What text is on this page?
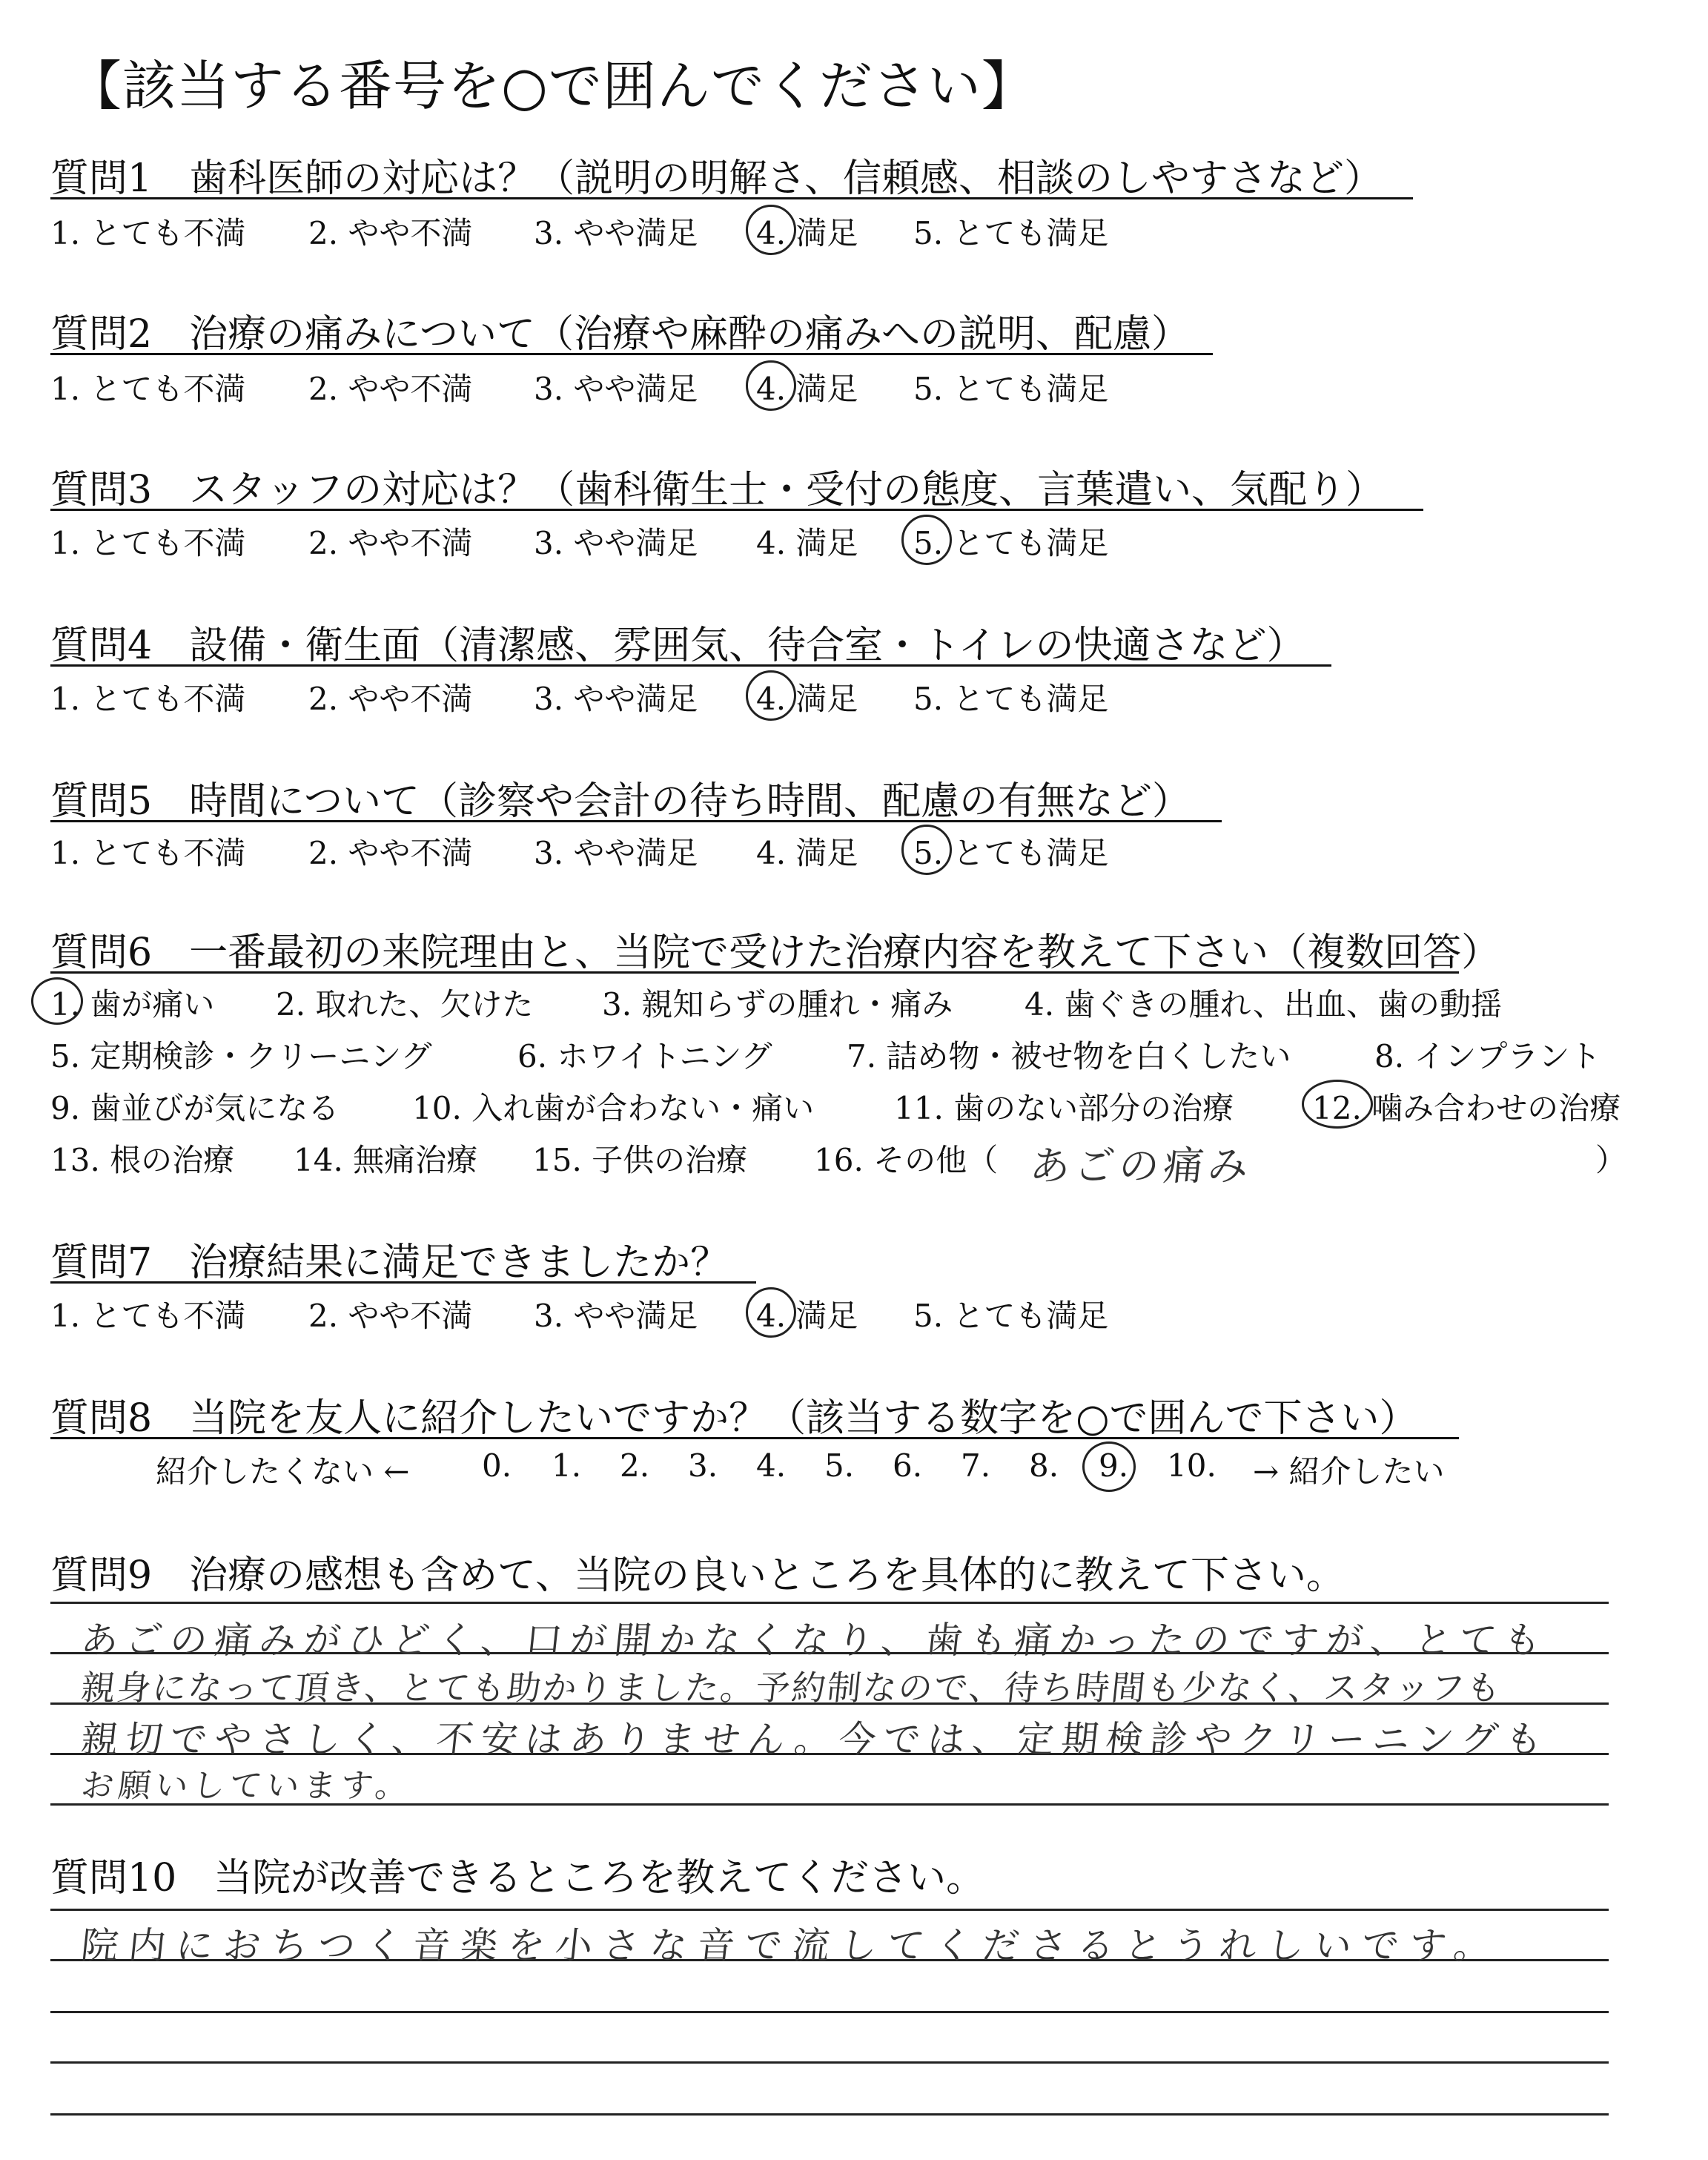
【該当する番号を○で囲んでください】
質問1 歯科医師の対応は？（説明の明解さ、信頼感、相談のしやすさなど）
1. とても不満 2. やや不満 3. やや満足 4. 満足 5. とても満足
質問2 治療の痛みについて（治療や麻酔の痛みへの説明、配慮）
1. とても不満 2. やや不満 3. やや満足 4. 満足 5. とても満足
質問3 スタッフの対応は？（歯科衛生士・受付の態度、言葉遣い、気配り）
1. とても不満 2. やや不満 3. やや満足 4. 満足 5. とても満足
質問4 設備・衛生面（清潔感、雰囲気、待合室・トイレの快適さなど）
1. とても不満 2. やや不満 3. やや満足 4. 満足 5. とても満足
質問5 時間について（診察や会計の待ち時間、配慮の有無など）
1. とても不満 2. やや不満 3. やや満足 4. 満足 5. とても満足
質問6 一番最初の来院理由と、当院で受けた治療内容を教えて下さい（複数回答）
1. 歯が痛い 2. 取れた、欠けた 3. 親知らずの腫れ・痛み 4. 歯ぐきの腫れ、出血、歯の動揺
5. 定期検診・クリーニング	6. ホワイトニング 7. 詰め物・被せ物を白くしたい	8. インプラント
9. 歯並びが気になる 10. 入れ歯が合わない・痛い	11. 歯のない部分の治療	12. 噛み合わせの治療
13. 根の治療 14. 無痛治療 15. 子供の治療 16. その他（	）
あごの痛み
質問7 治療結果に満足できましたか？
1. とても不満 2. やや不満 3. やや満足 4. 満足 5. とても満足
質問8 当院を友人に紹介したいですか？（該当する数字を○で囲んで下さい）
紹介したくない ← 0. 1. 2. 3. 4. 5. 6. 7. 8. 9. 10. → 紹介したい
質問9 治療の感想も含めて、当院の良いところを具体的に教えて下さい。
あごの痛みがひどく、口が開かなくなり、歯も痛かったのですが、とても
親身になって頂き、とても助かりました。予約制なので、待ち時間も少なく、スタッフも
親切でやさしく、不安はありません。今では、定期検診やクリーニングも
お願いしています。
質問10 当院が改善できるところを教えてください。
院内におちつく音楽を小さな音で流してくださるとうれしいです。
